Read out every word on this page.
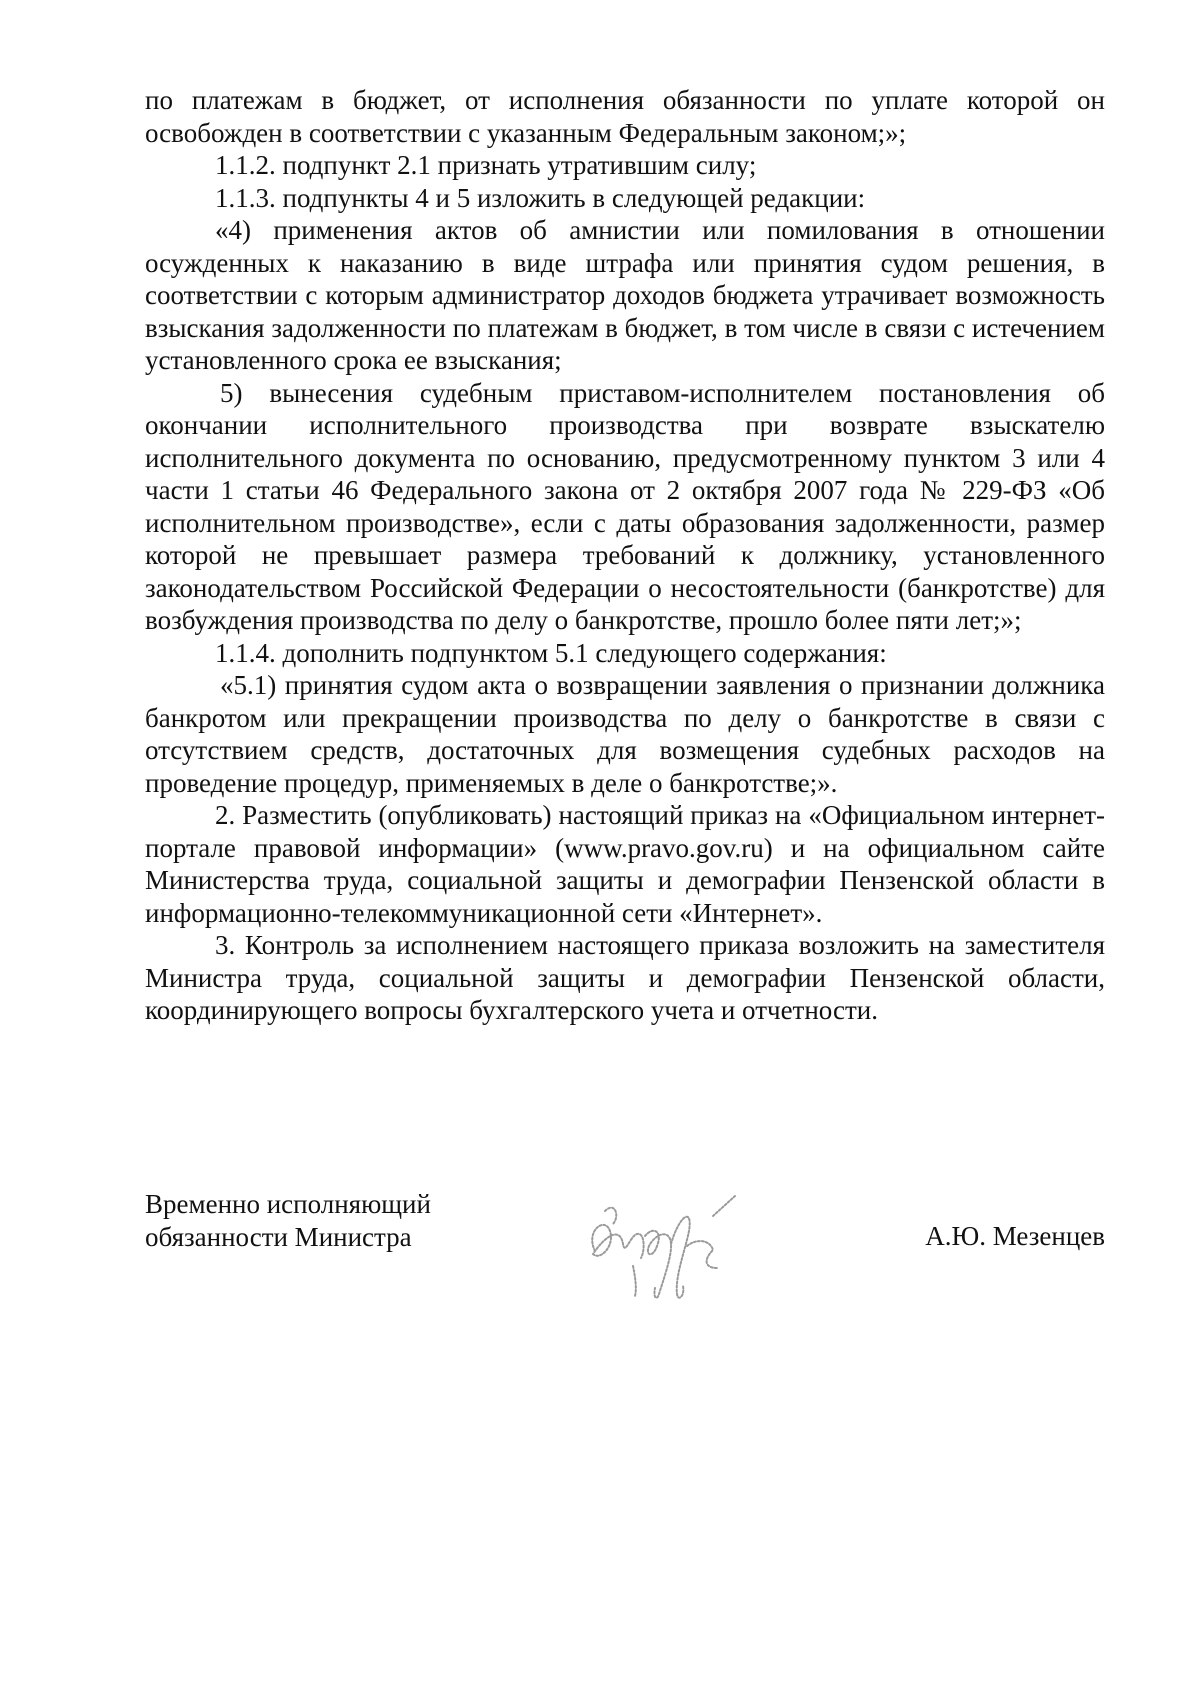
по платежам в бюджет, от исполнения обязанности по уплате которой он освобожден в соответствии с указанным Федеральным законом;»;

1.1.2. подпункт 2.1 признать утратившим силу;

1.1.3. подпункты 4 и 5 изложить в следующей редакции:

«4) применения актов об амнистии или помилования в отношении осужденных к наказанию в виде штрафа или принятия судом решения, в соответствии с которым администратор доходов бюджета утрачивает возможность взыскания задолженности по платежам в бюджет, в том числе в связи с истечением установленного срока ее взыскания;

5) вынесения судебным приставом-исполнителем постановления об окончании исполнительного производства при возврате взыскателю исполнительного документа по основанию, предусмотренному пунктом 3 или 4 части 1 статьи 46 Федерального закона от 2 октября 2007 года № 229-ФЗ «Об исполнительном производстве», если с даты образования задолженности, размер которой не превышает размера требований к должнику, установленного законодательством Российской Федерации о несостоятельности (банкротстве) для возбуждения производства по делу о банкротстве, прошло более пяти лет;»;

1.1.4. дополнить подпунктом 5.1 следующего содержания:

«5.1) принятия судом акта о возвращении заявления о признании должника банкротом или прекращении производства по делу о банкротстве в связи с отсутствием средств, достаточных для возмещения судебных расходов на проведение процедур, применяемых в деле о банкротстве;».

2. Разместить (опубликовать) настоящий приказ на «Официальном интернет-портале правовой информации» (www.pravo.gov.ru) и на официальном сайте Министерства труда, социальной защиты и демографии Пензенской области в информационно-телекоммуникационной сети «Интернет».

3. Контроль за исполнением настоящего приказа возложить на заместителя Министра труда, социальной защиты и демографии Пензенской области, координирующего вопросы бухгалтерского учета и отчетности.

Временно исполняющий
обязанности Министра	А.Ю. Мезенцев
